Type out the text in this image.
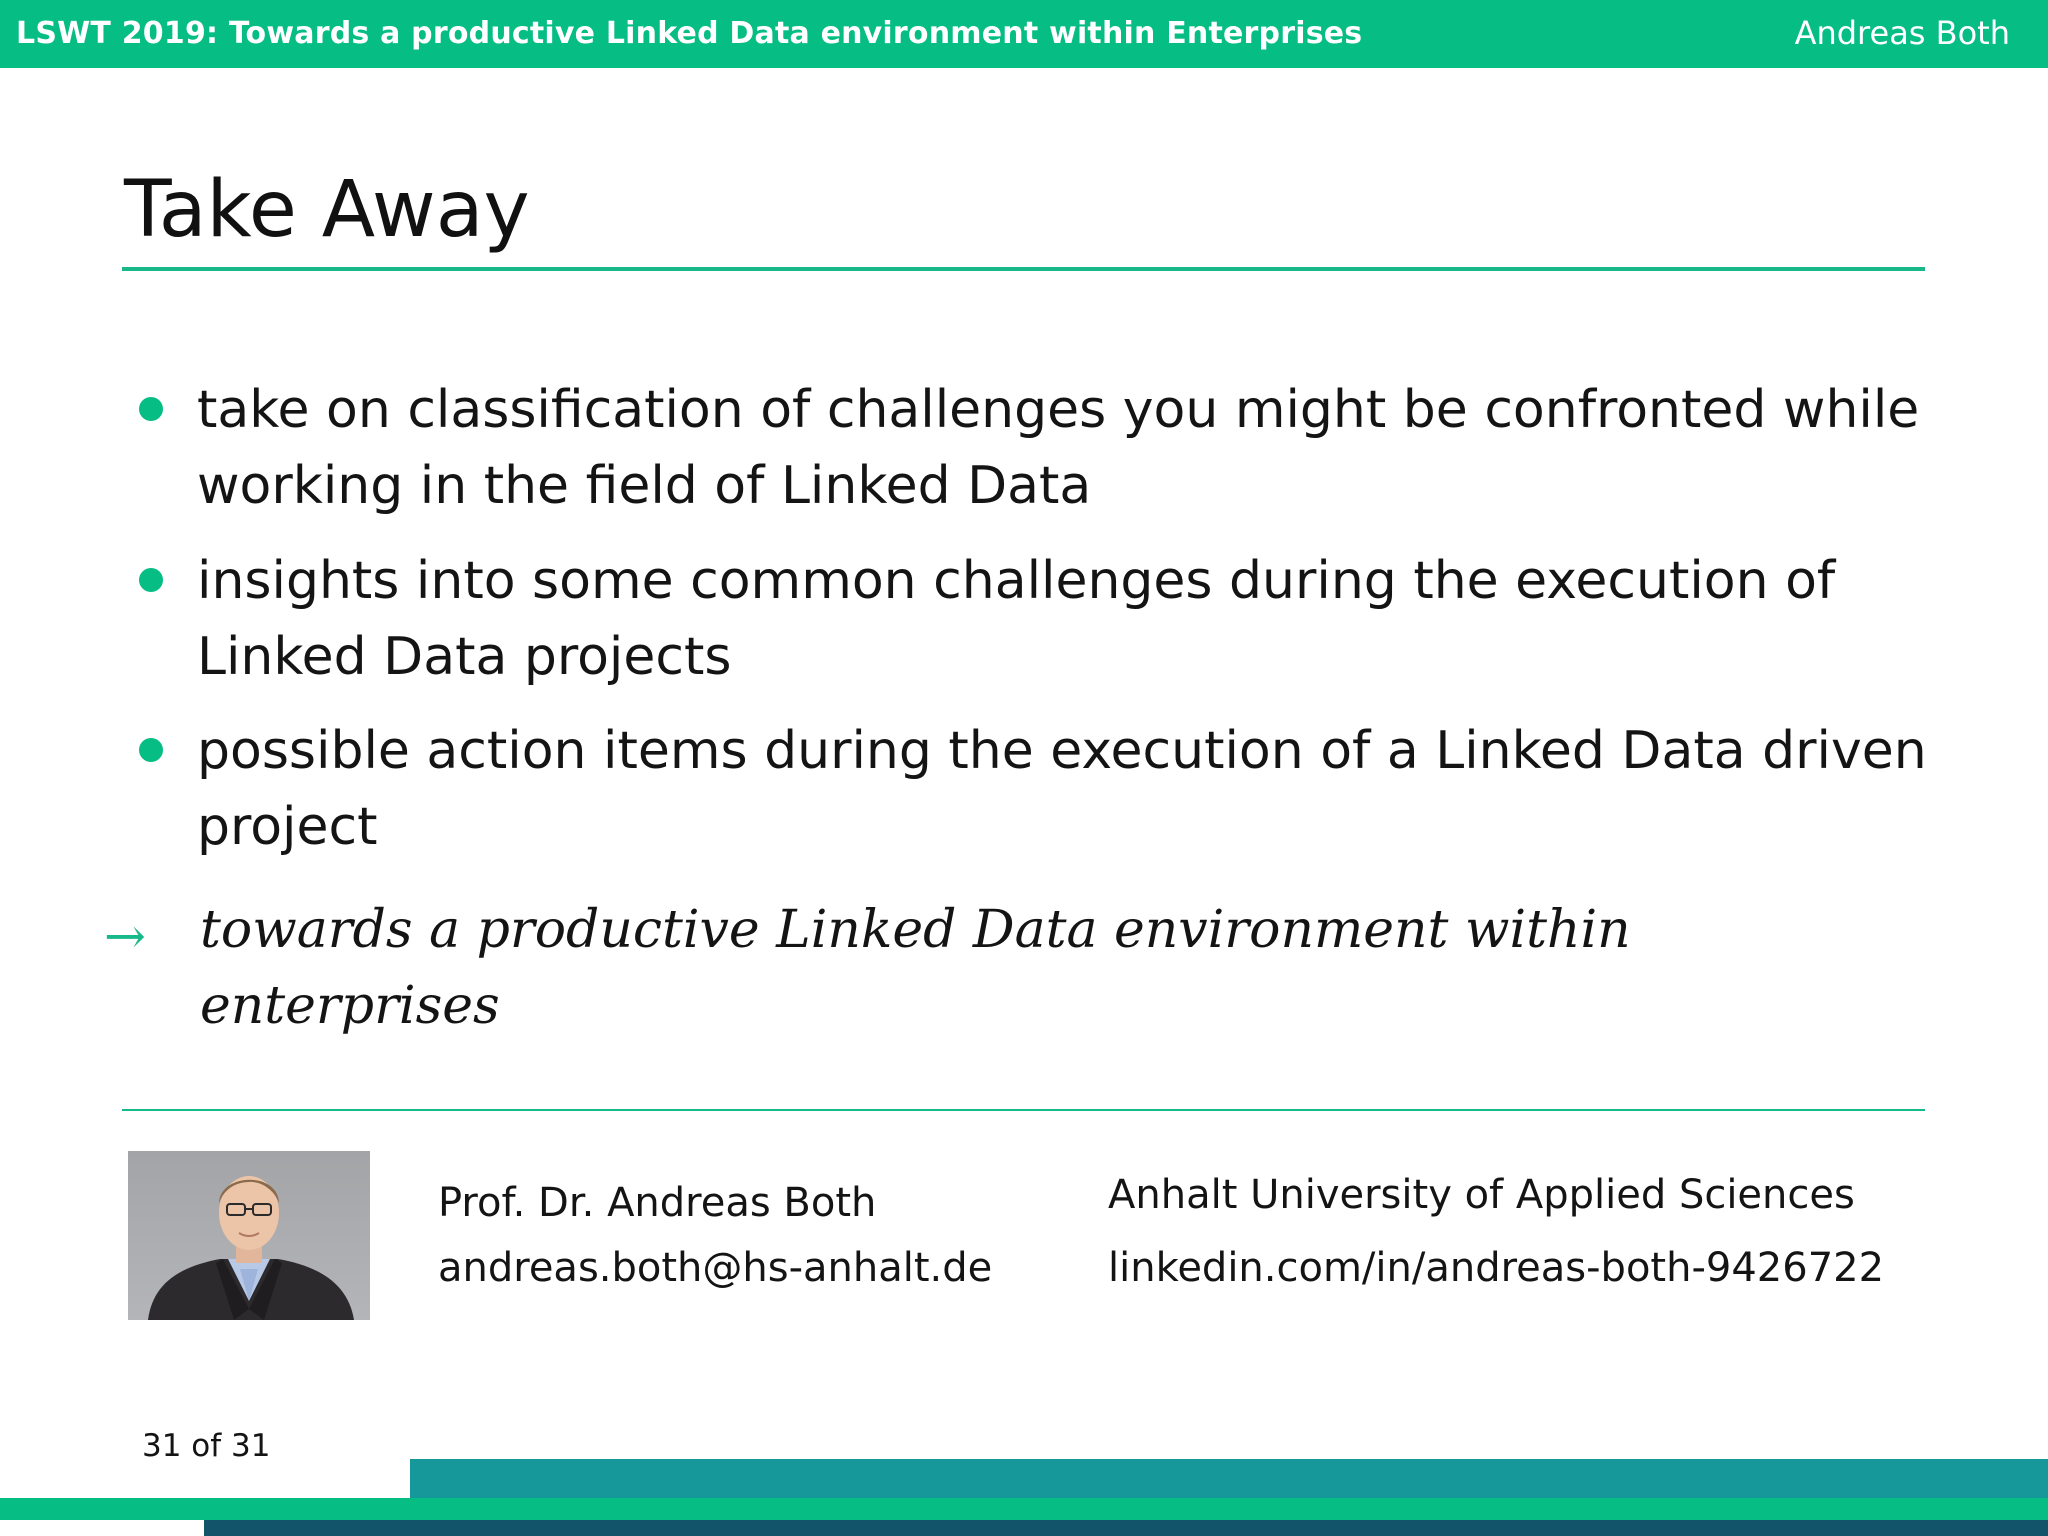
LSWT 2019: Towards a productive Linked Data environment within Enterprises	Andreas Both
Take Away
take on classification of challenges you might be confronted while working in the field of Linked Data
insights into some common challenges during the execution of Linked Data projects
possible action items during the execution of a Linked Data driven project
→ towards a productive Linked Data environment within enterprises
Prof. Dr. Andreas Both
andreas.both@hs-anhalt.de
Anhalt University of Applied Sciences
linkedin.com/in/andreas-both-9426722
31 of 31
